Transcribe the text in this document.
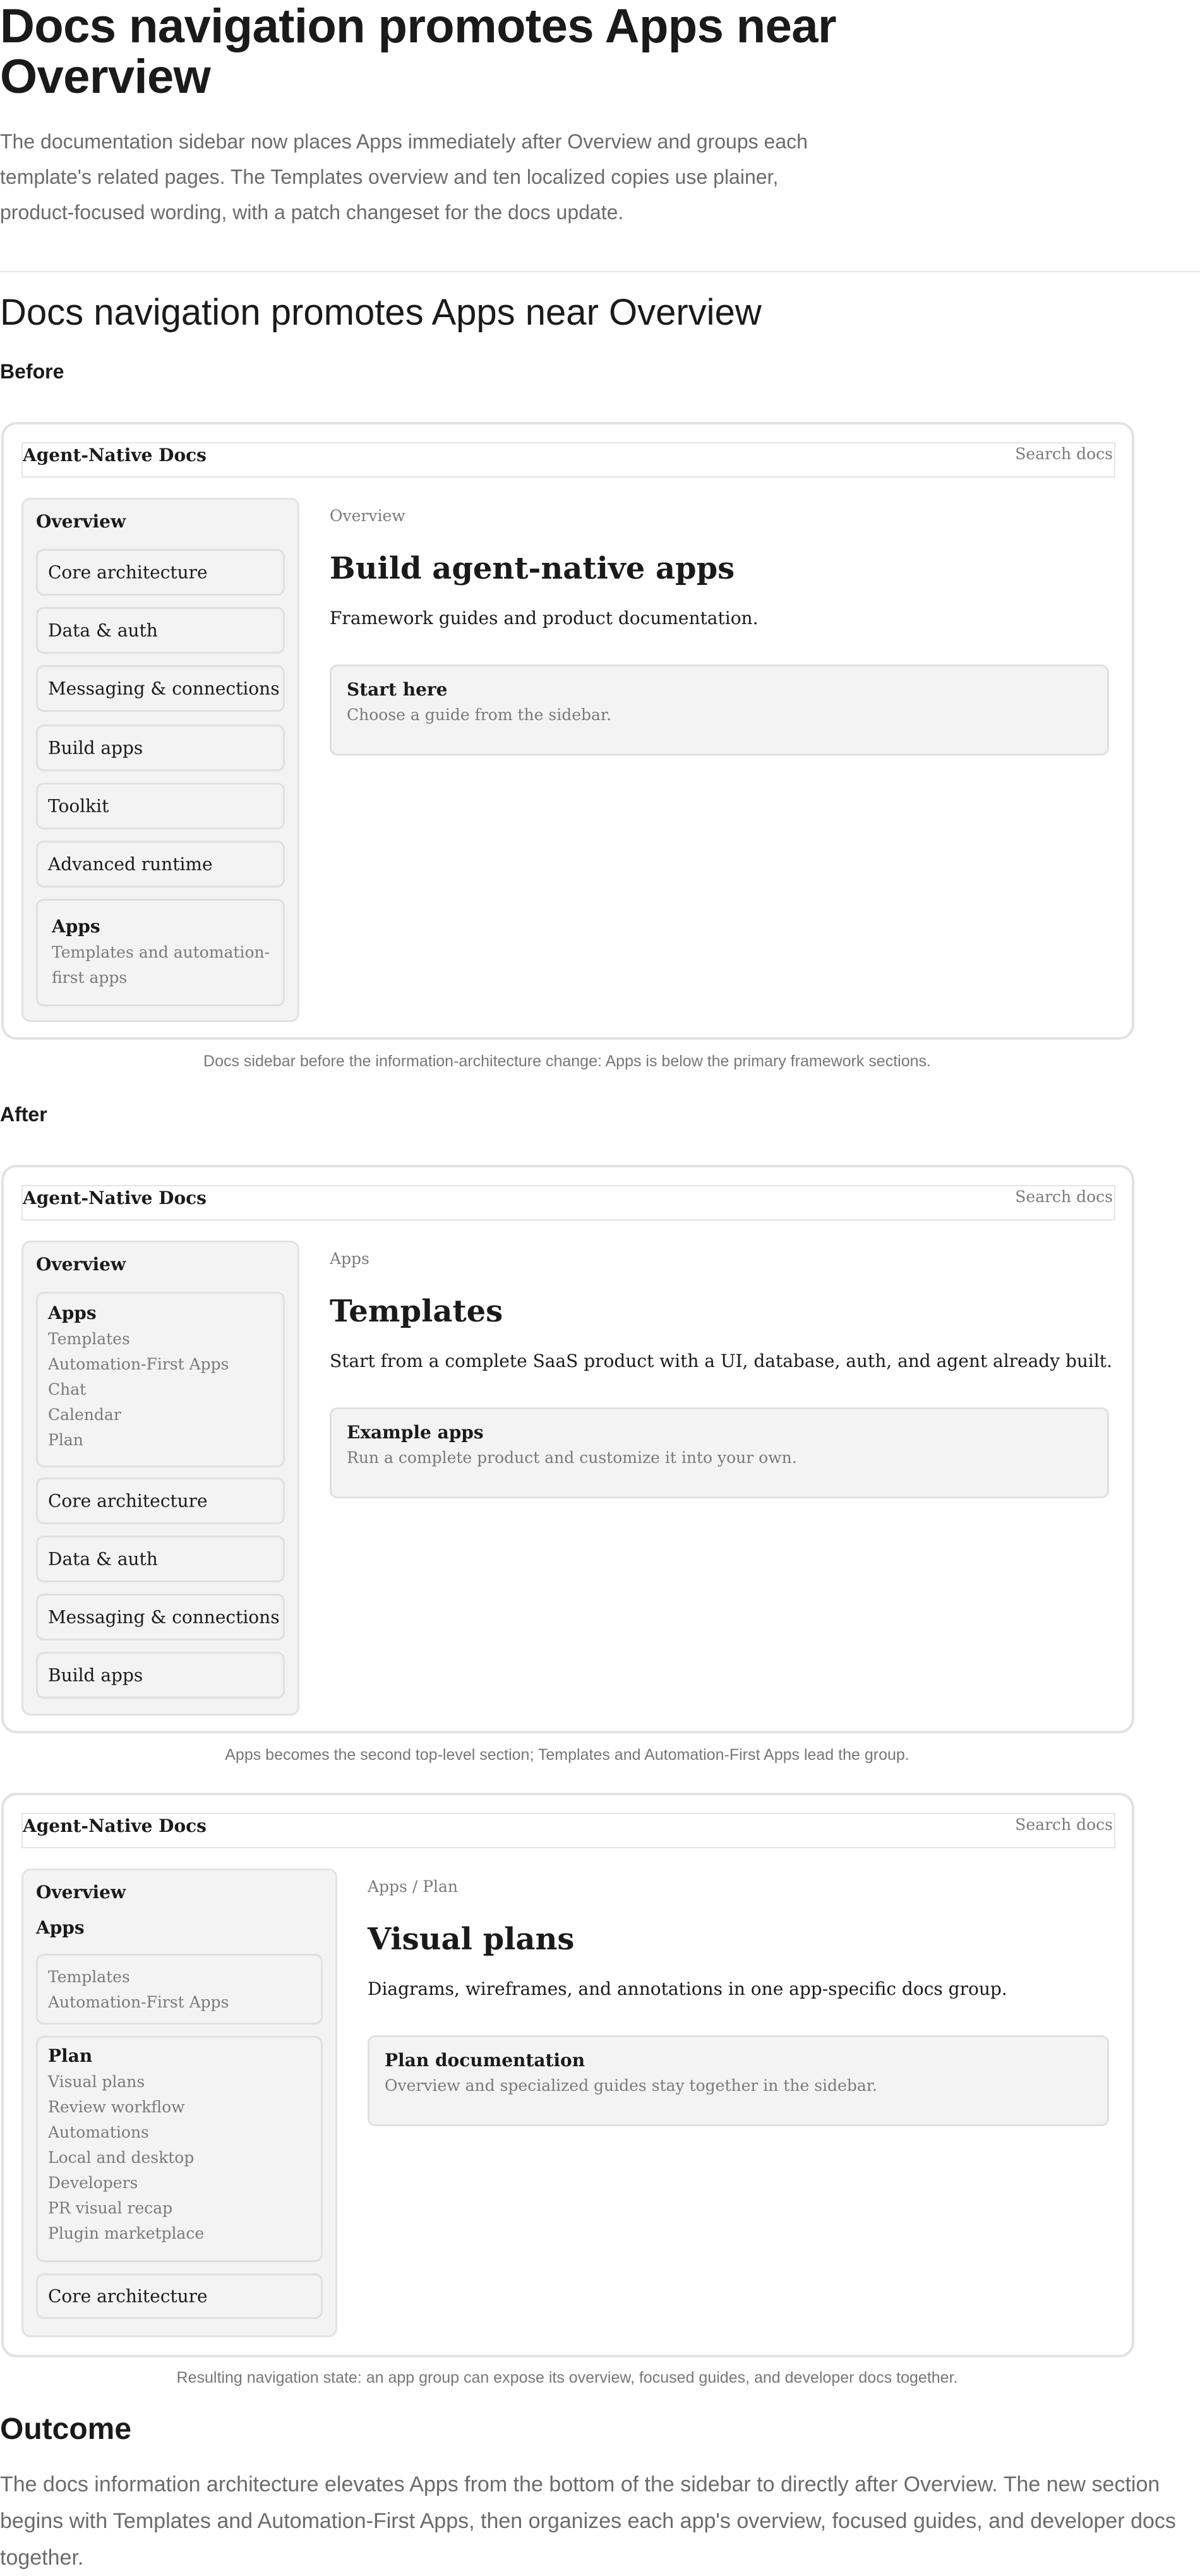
Docs navigation promotes Apps near Overview

The documentation sidebar now places Apps immediately after Overview and groups each template's related pages. The Templates overview and ten localized copies use plainer, product-focused wording, with a patch changeset for the docs update.

Docs navigation promotes Apps near Overview

Before

Agent-Native Docs	Search docs
Overview
Core architecture
Data & auth
Messaging & connections
Build apps
Toolkit
Advanced runtime
Apps
Templates and automation-
first apps
Overview
Build agent-native apps
Framework guides and product documentation.
Start here
Choose a guide from the sidebar.

Docs sidebar before the information-architecture change: Apps is below the primary framework sections.

After

Agent-Native Docs	Search docs
Overview
Apps
Templates
Automation-First Apps
Chat
Calendar
Plan
Core architecture
Data & auth
Messaging & connections
Build apps
Apps
Templates
Start from a complete SaaS product with a UI, database, auth, and agent already built.
Example apps
Run a complete product and customize it into your own.

Apps becomes the second top-level section; Templates and Automation-First Apps lead the group.

Agent-Native Docs	Search docs
Overview
Apps
Templates
Automation-First Apps
Plan
Visual plans
Review workflow
Automations
Local and desktop
Developers
PR visual recap
Plugin marketplace
Core architecture
Apps / Plan
Visual plans
Diagrams, wireframes, and annotations in one app-specific docs group.
Plan documentation
Overview and specialized guides stay together in the sidebar.

Resulting navigation state: an app group can expose its overview, focused guides, and developer docs together.

Outcome

The docs information architecture elevates Apps from the bottom of the sidebar to directly after Overview. The new section begins with Templates and Automation-First Apps, then organizes each app's overview, focused guides, and developer docs together.
